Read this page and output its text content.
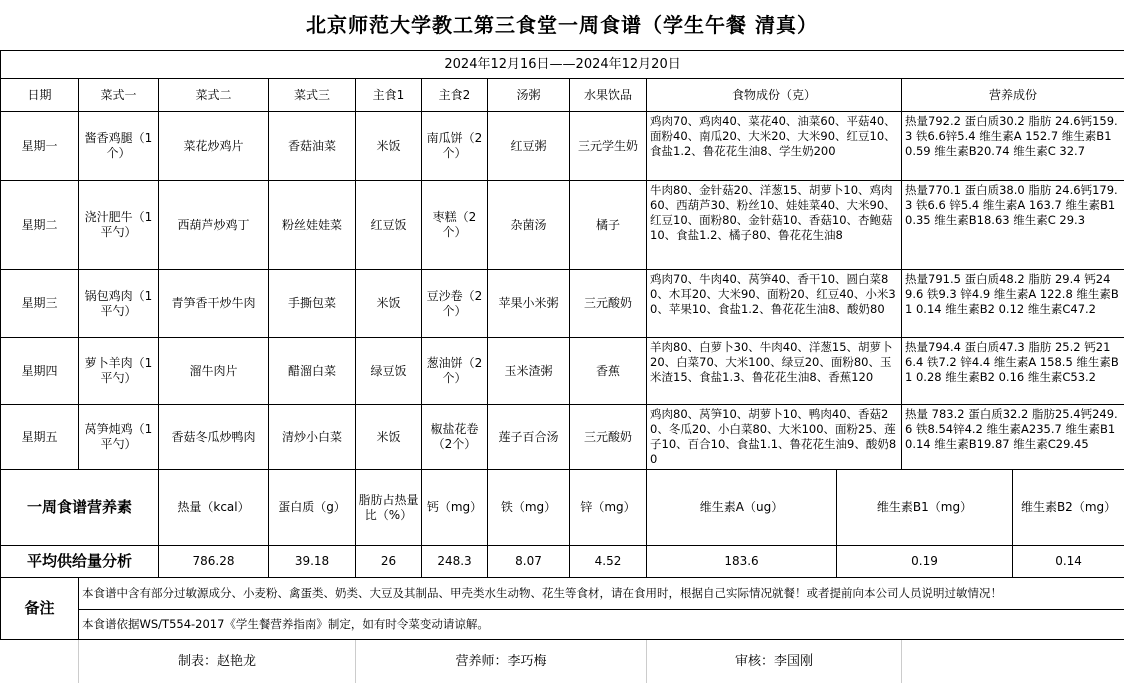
北京师范大学教工第三食堂一周食谱（学生午餐 清真）
2024年12月16日——2024年12月20日												
日期	菜式一	菜式二	菜式三	主食1	主食2	汤粥	水果饮品	食物成份（克）		营养成份		
星期一	酱香鸡腿（1个）	菜花炒鸡片	香菇油菜	米饭	南瓜饼（2个）	红豆粥	三元学生奶	鸡肉70、鸡肉40、菜花40、油菜60、平菇40、面粉40、南瓜20、大米20、大米90、红豆10、食盐1.2、鲁花花生油8、学生奶200		热量792.2 蛋白质30.2 脂肪 24.6钙159.3 铁6.6锌5.4 维生素A 152.7 维生素B10.59 维生素B20.74 维生素C 32.7		
星期二	浇汁肥牛（1平勺）	西葫芦炒鸡丁	粉丝娃娃菜	红豆饭	枣糕（2个）	杂菌汤	橘子	牛肉80、金针菇20、洋葱15、胡萝卜10、鸡肉60、西葫芦30、粉丝10、娃娃菜40、大米90、红豆10、面粉80、金针菇10、香菇10、杏鲍菇10、食盐1.2、橘子80、鲁花花生油8		热量770.1 蛋白质38.0 脂肪 24.6钙179.3 铁6.6 锌5.4 维生素A 163.7 维生素B1 0.35 维生素B18.63 维生素C 29.3		
星期三	锅包鸡肉（1平勺）	青笋香干炒牛肉	手撕包菜	米饭	豆沙卷（2个）	苹果小米粥	三元酸奶	鸡肉70、牛肉40、莴笋40、香干10、圆白菜80、木耳20、大米90、面粉20、红豆40、小米30、苹果10、食盐1.2、鲁花花生油8、酸奶80		热量791.5 蛋白质48.2 脂肪 29.4 钙249.6 铁9.3 锌4.9 维生素A 122.8 维生素B1 0.14 维生素B2 0.12 维生素C47.2		
星期四	萝卜羊肉（1平勺）	溜牛肉片	醋溜白菜	绿豆饭	葱油饼（2个）	玉米渣粥	香蕉	羊肉80、白萝卜30、牛肉40、洋葱15、胡萝卜20、白菜70、大米100、绿豆20、面粉80、玉米渣15、食盐1.3、鲁花花生油8、香蕉120		热量794.4 蛋白质47.3 脂肪 25.2 钙216.4 铁7.2 锌4.4 维生素A 158.5 维生素B1 0.28 维生素B2 0.16 维生素C53.2		
星期五	莴笋炖鸡（1平勺）	香菇冬瓜炒鸭肉	清炒小白菜	米饭	椒盐花卷（2个）	莲子百合汤	三元酸奶	鸡肉80、莴笋10、胡萝卜10、鸭肉40、香菇20、冬瓜20、小白菜80、大米100、面粉25、莲子10、百合10、食盐1.1、鲁花花生油9、酸奶80		热量 783.2 蛋白质32.2 脂肪25.4钙249.6 铁8.54锌4.2 维生素A235.7 维生素B10.14 维生素B19.87 维生素C29.45		
一周食谱营养素		热量（kcal）	蛋白质（g）	脂肪占热量比（%）	钙（mg）	铁（mg）	锌（mg）	维生素A（ug）	维生素B1（mg）		维生素B2（mg）	
平均供给量分析		786.28	39.18	26	248.3	8.07	4.52	183.6	0.19		0.14	
备注	本食谱中含有部分过敏源成分、小麦粉、禽蛋类、奶类、大豆及其制品、甲壳类水生动物、花生等食材，请在食用时，根据自己实际情况就餐！或者提前向本公司人员说明过敏情况！											
	本食谱依据WS/T554-2017《学生餐营养指南》制定，如有时令菜变动请谅解。											
	制表：赵艳龙			营养师：李巧梅				审核：李国刚				
